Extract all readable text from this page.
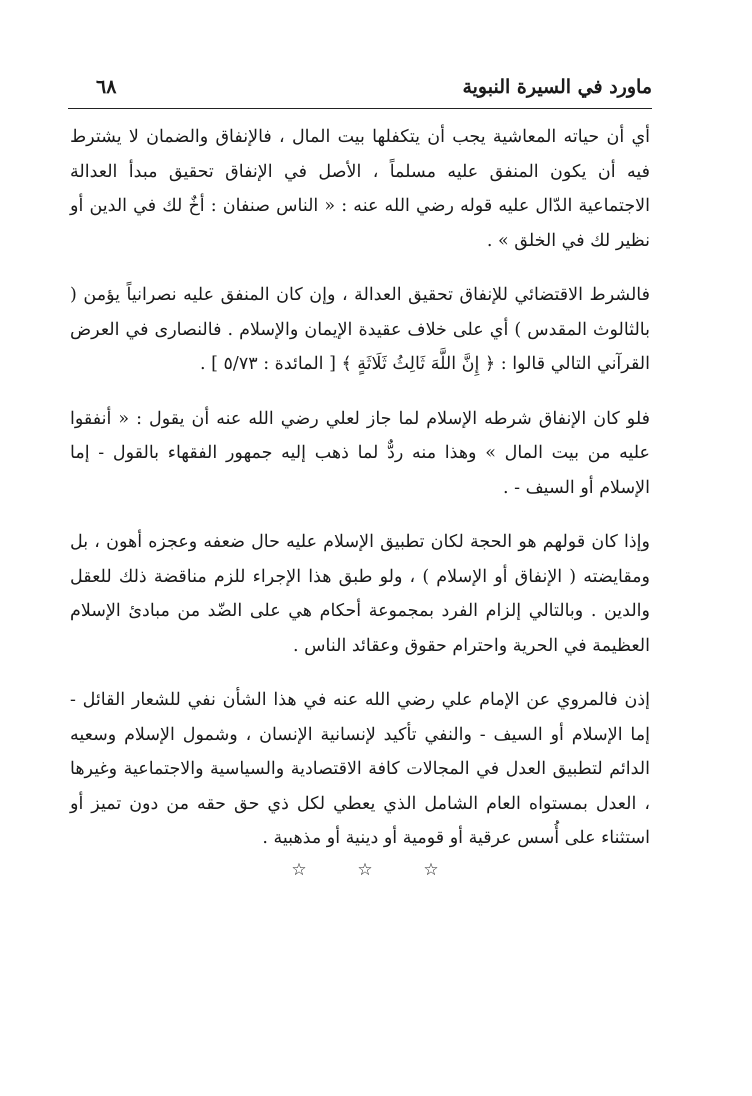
ماورد في السيرة النبوية
٦٨

أي أن حياته المعاشية يجب أن يتكفلها بيت المال ، فالإنفاق والضمان لا يشترط فيه أن يكون المنفق عليه مسلماً ، الأصل في الإنفاق تحقيق مبدأ العدالة الاجتماعية الدّال عليه قوله رضي الله عنه : « الناس صنفان : أخٌ لك في الدين أو نظير لك في الخلق » .

فالشرط الاقتضائي للإنفاق تحقيق العدالة ، وإن كان المنفق عليه نصرانياً يؤمن ( بالثالوث المقدس ) أي على خلاف عقيدة الإيمان والإسلام . فالنصارى في العرض القرآني التالي قالوا : ﴿ إِنَّ اللَّهَ ثَالِثُ ثَلَاثَةٍ ﴾ [ المائدة : ٥/٧٣ ] .

فلو كان الإنفاق شرطه الإسلام لما جاز لعلي رضي الله عنه أن يقول : « أنفقوا عليه من بيت المال » وهذا منه ردٌّ لما ذهب إليه جمهور الفقهاء بالقول - إما الإسلام أو السيف - .

وإذا كان قولهم هو الحجة لكان تطبيق الإسلام عليه حال ضعفه وعجزه أهون ، بل ومقايضته ( الإنفاق أو الإسلام ) ، ولو طبق هذا الإجراء للزم مناقضة ذلك للعقل والدين . وبالتالي إلزام الفرد بمجموعة أحكام هي على الضّد من مبادئ الإسلام العظيمة في الحرية واحترام حقوق وعقائد الناس .

إذن فالمروي عن الإمام علي رضي الله عنه في هذا الشأن نفي للشعار القائل - إما الإسلام أو السيف - والنفي تأكيد لإنسانية الإنسان ، وشمول الإسلام وسعيه الدائم لتطبيق العدل في المجالات كافة الاقتصادية والسياسية والاجتماعية وغيرها ، العدل بمستواه العام الشامل الذي يعطي لكل ذي حق حقه من دون تميز أو استثناء على أُسس عرقية أو قومية أو دينية أو مذهبية .

☆	☆	☆
